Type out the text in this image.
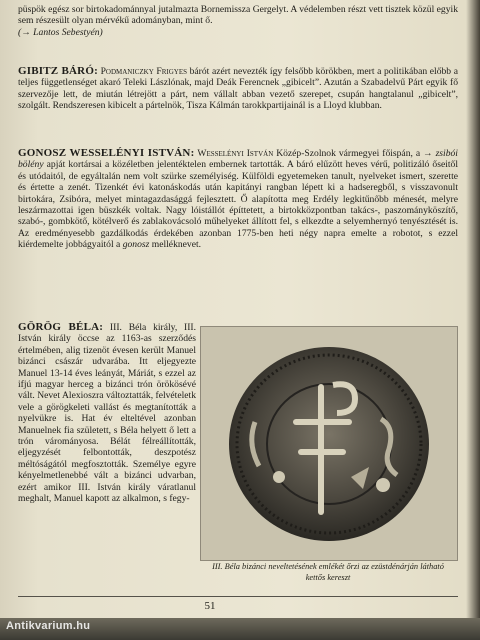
püspök egész sor birtokadománnyal jutalmazta Bornemissza Gergelyt. A védelemben részt vett tisztek közül egyik sem részesült olyan mérvékű adományban, mint ő.
(→ Lantos Sebestyén)

GIBITZ BÁRÓ: Podmaniczky Frigyes bárót azért nevezték így felsőbb körökben, mert a politikában előbb a teljes függetlenséget akaró Teleki Lászlónak, majd Deák Ferencnek „gibicelt”. Azután a Szabadelvű Párt egyik fő szervezője lett, de miután létrejött a párt, nem vállalt abban vezető szerepet, csupán hangtalanul „gibicelt”, szolgált. Rendszeresen kibicelt a pártelnök, Tisza Kálmán tarokkpartijainál is a Lloyd klubban.

GONOSZ WESSELÉNYI ISTVÁN: Wesselényi István Közép-Szolnok vármegyei főispán, a → zsibói bölény apját kortársai a közéletben jelentéktelen embernek tartották. A báró elűzött heves vérű, politizáló őseitől és utódaitól, de egyáltalán nem volt szürke személyiség. Külföldi egyetemeken tanult, nyelveket ismert, szerette és értette a zenét. Tizenkét évi katonáskodás után kapitányi rangban lépett ki a hadseregből, s visszavonult birtokára, Zsibóra, melyet mintagazdasággá fejlesztett. Ő alapította meg Erdély legkitűnőbb ménesét, melyre leszármazottai igen büszkék voltak. Nagy lóistállót építtetett, a birtokközpontban takács-, paszományköszítő, szabó-, gombkötő, kötélverő és zablakovácsoló műhelyeket állított fel, s elkezdte a selyemhernyó tenyésztését is. Az eredményesebb gazdálkodás érdekében azonban 1775-ben heti négy napra emelte a robotot, s ezzel kiérdemelte jobbágyaitól a gonosz melléknevet.

GÖRÖG BÉLA: III. Béla király, III. István király öccse az 1163-as szerződés értelmében, alig tizenöt évesen került Manuel bizánci császár udvarába. Itt eljegyezte Manuel 13-14 éves leányát, Máriát, s ezzel az ifjú magyar herceg a bizánci trón örökösévé vált. Nevet Alexioszra változtatták, felvételetk vele a görögkeleti vallást és megtanították a nyelvükre is. Hat év elteltével azonban Manuelnek fia született, s Béla helyett ő lett a trón várományosa. Bélát félreállították, eljegyzését felbontották, deszpotész méltóságától megfosztották. Személye egyre kényelmetlenebbé vált a bizánci udvarban, ezért amikor III. István király váratlanul meghalt, Manuel kapott az alkalmon, s fegy-

III. Béla bizánci neveltetésének emlékét őrzi az ezüstdénárján látható kettős kereszt
51
Antikvarium.hu
